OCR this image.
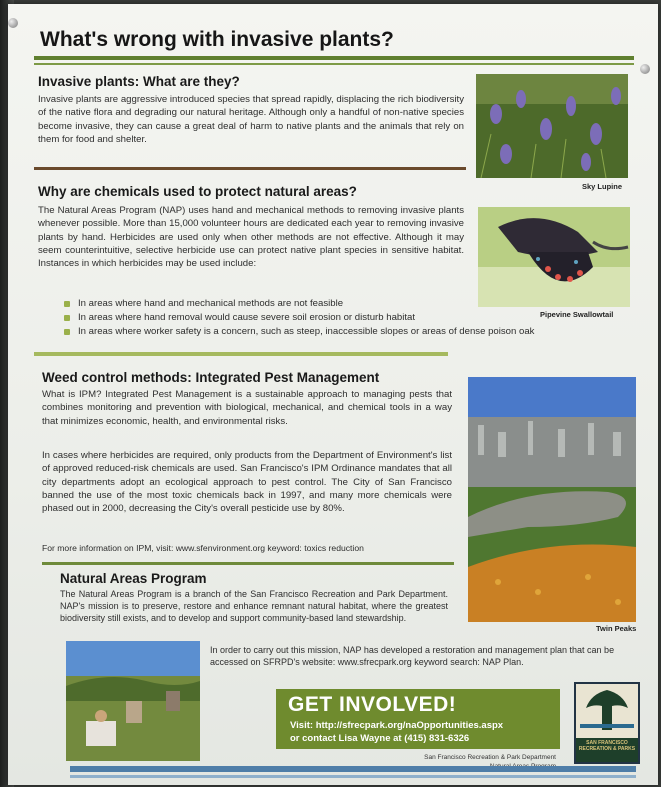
What's wrong with invasive plants?
Invasive plants: What are they?

Invasive plants are aggressive introduced species that spread rapidly, displacing the rich biodiversity of the native flora and degrading our natural heritage. Although only a handful of non-native species become invasive, they can cause a great deal of harm to native plants and the animals that rely on them for food and shelter.

Sky Lupine
Why are chemicals used to protect natural areas?

The Natural Areas Program (NAP) uses hand and mechanical methods to removing invasive plants whenever possible. More than 15,000 volunteer hours are dedicated each year to removing invasive plants by hand. Herbicides are used only when other methods are not effective. Although it may seem counterintuitive, selective herbicide use can protect native plant species in sensitive habitat. Instances in which herbicides may be used include:

Pipevine Swallowtail
In areas where hand and mechanical methods are not feasible
In areas where hand removal would cause severe soil erosion or disturb habitat
In areas where worker safety is a concern, such as steep, inaccessible slopes or areas of dense poison oak
Weed control methods: Integrated Pest Management

What is IPM? Integrated Pest Management is a sustainable approach to managing pests that combines monitoring and prevention with biological, mechanical, and chemical tools in a way that minimizes economic, health, and environmental risks.

In cases where herbicides are required, only products from the Department of Environment's list of approved reduced-risk chemicals are used. San Francisco's IPM Ordinance mandates that all city departments adopt an ecological approach to pest control. The City of San Francisco banned the use of the most toxic chemicals back in 1997, and many more chemicals were phased out in 2000, decreasing the City's overall pesticide use by 80%.

For more information on IPM, visit: www.sfenvironment.org keyword: toxics reduction

Twin Peaks
Natural Areas Program

The Natural Areas Program is a branch of the San Francisco Recreation and Park Department. NAP's mission is to preserve, restore and enhance remnant natural habitat, where the greatest biodiversity still exists, and to develop and support community-based land stewardship.

In order to carry out this mission, NAP has developed a restoration and management plan that can be accessed on SFRPD's website: www.sfrecpark.org keyword search: NAP Plan.

GET INVOLVED!
Visit: http://sfrecpark.org/naOpportunities.aspx
or contact Lisa Wayne at (415) 831-6326
San Francisco Recreation & Park Department
SAN FRANCISCO RECREATION & PARKS
